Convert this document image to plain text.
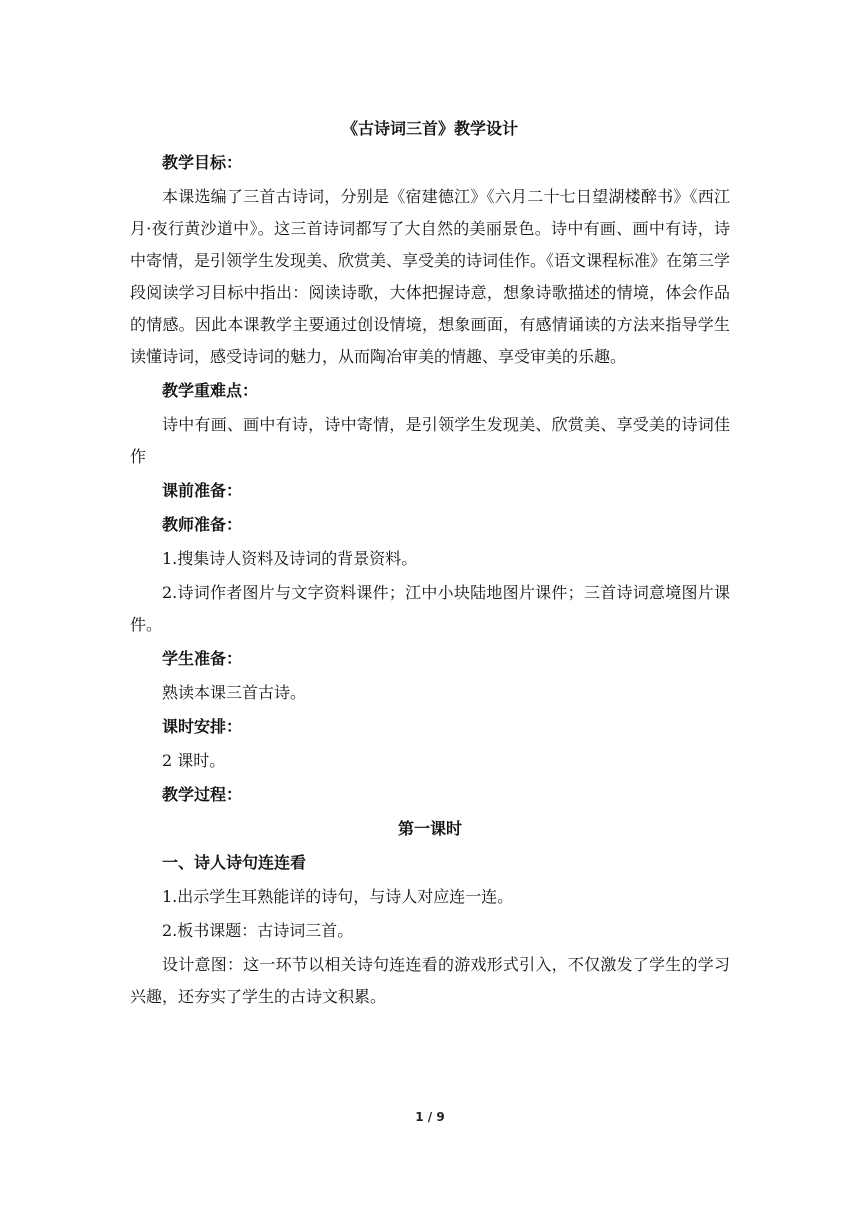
《古诗词三首》教学设计
教学目标：
本课选编了三首古诗词，分别是《宿建德江》《六月二十七日望湖楼醉书》《西江月·夜行黄沙道中》。这三首诗词都写了大自然的美丽景色。诗中有画、画中有诗，诗中寄情，是引领学生发现美、欣赏美、享受美的诗词佳作。《语文课程标准》在第三学段阅读学习目标中指出：阅读诗歌，大体把握诗意，想象诗歌描述的情境，体会作品的情感。因此本课教学主要通过创设情境，想象画面，有感情诵读的方法来指导学生读懂诗词，感受诗词的魅力，从而陶冶审美的情趣、享受审美的乐趣。
教学重难点：
诗中有画、画中有诗，诗中寄情，是引领学生发现美、欣赏美、享受美的诗词佳作
课前准备：
教师准备：
1.搜集诗人资料及诗词的背景资料。
2.诗词作者图片与文字资料课件；江中小块陆地图片课件；三首诗词意境图片课件。
学生准备：
熟读本课三首古诗。
课时安排：
2 课时。
教学过程：
第一课时
一、诗人诗句连连看
1.出示学生耳熟能详的诗句，与诗人对应连一连。
2.板书课题：古诗词三首。
设计意图：这一环节以相关诗句连连看的游戏形式引入，不仅激发了学生的学习兴趣，还夯实了学生的古诗文积累。
1 / 9
